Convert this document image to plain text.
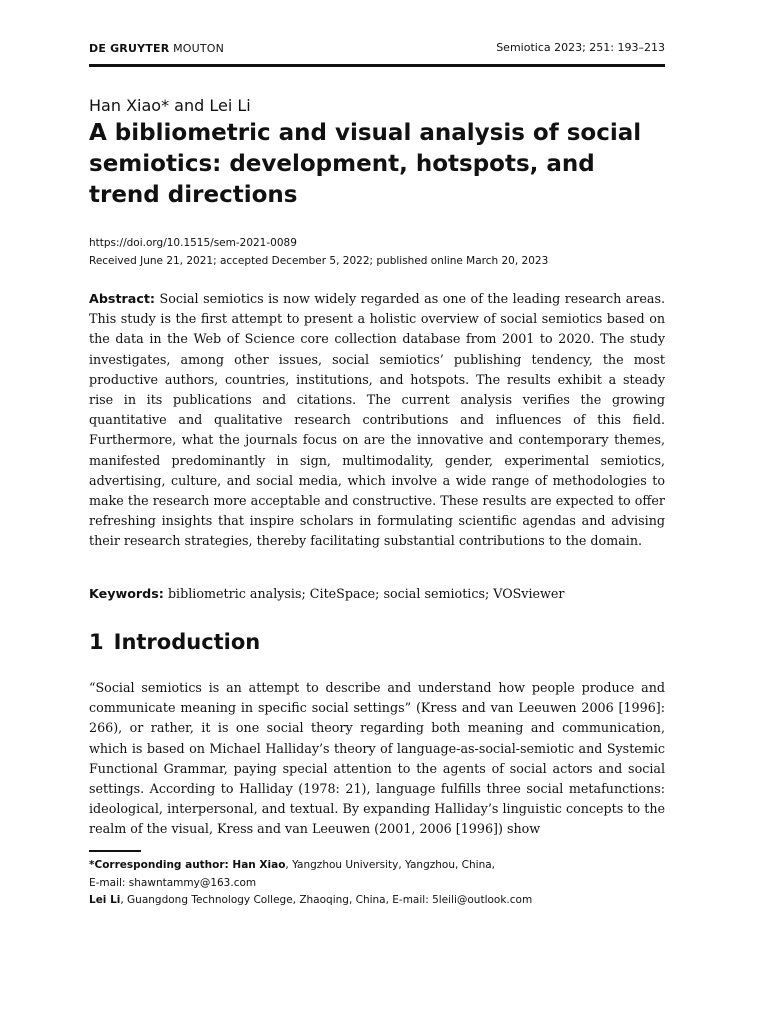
DE GRUYTER MOUTON	Semiotica 2023; 251: 193–213
Han Xiao* and Lei Li
A bibliometric and visual analysis of social semiotics: development, hotspots, and trend directions
https://doi.org/10.1515/sem-2021-0089
Received June 21, 2021; accepted December 5, 2022; published online March 20, 2023

Abstract: Social semiotics is now widely regarded as one of the leading research areas. This study is the first attempt to present a holistic overview of social semiotics based on the data in the Web of Science core collection database from 2001 to 2020. The study investigates, among other issues, social semiotics’ publishing tendency, the most productive authors, countries, institutions, and hotspots. The results exhibit a steady rise in its publications and citations. The current analysis verifies the growing quantitative and qualitative research contributions and influences of this field. Furthermore, what the journals focus on are the innovative and contemporary themes, manifested predominantly in sign, multimodality, gender, experimental semiotics, advertising, culture, and social media, which involve a wide range of methodologies to make the research more acceptable and constructive. These results are expected to offer refreshing insights that inspire scholars in formulating scientific agendas and advising their research strategies, thereby facilitating substantial contributions to the domain.

Keywords: bibliometric analysis; CiteSpace; social semiotics; VOSviewer

1 Introduction

“Social semiotics is an attempt to describe and understand how people produce and communicate meaning in specific social settings” (Kress and van Leeuwen 2006 [1996]: 266), or rather, it is one social theory regarding both meaning and communication, which is based on Michael Halliday’s theory of language-as-social-semiotic and Systemic Functional Grammar, paying special attention to the agents of social actors and social settings. According to Halliday (1978: 21), language fulfills three social metafunctions: ideological, interpersonal, and textual. By expanding Halliday’s linguistic concepts to the realm of the visual, Kress and van Leeuwen (2001, 2006 [1996]) show

*Corresponding author: Han Xiao, Yangzhou University, Yangzhou, China,
E-mail: shawntammy@163.com
Lei Li, Guangdong Technology College, Zhaoqing, China, E-mail: 5leili@outlook.com
